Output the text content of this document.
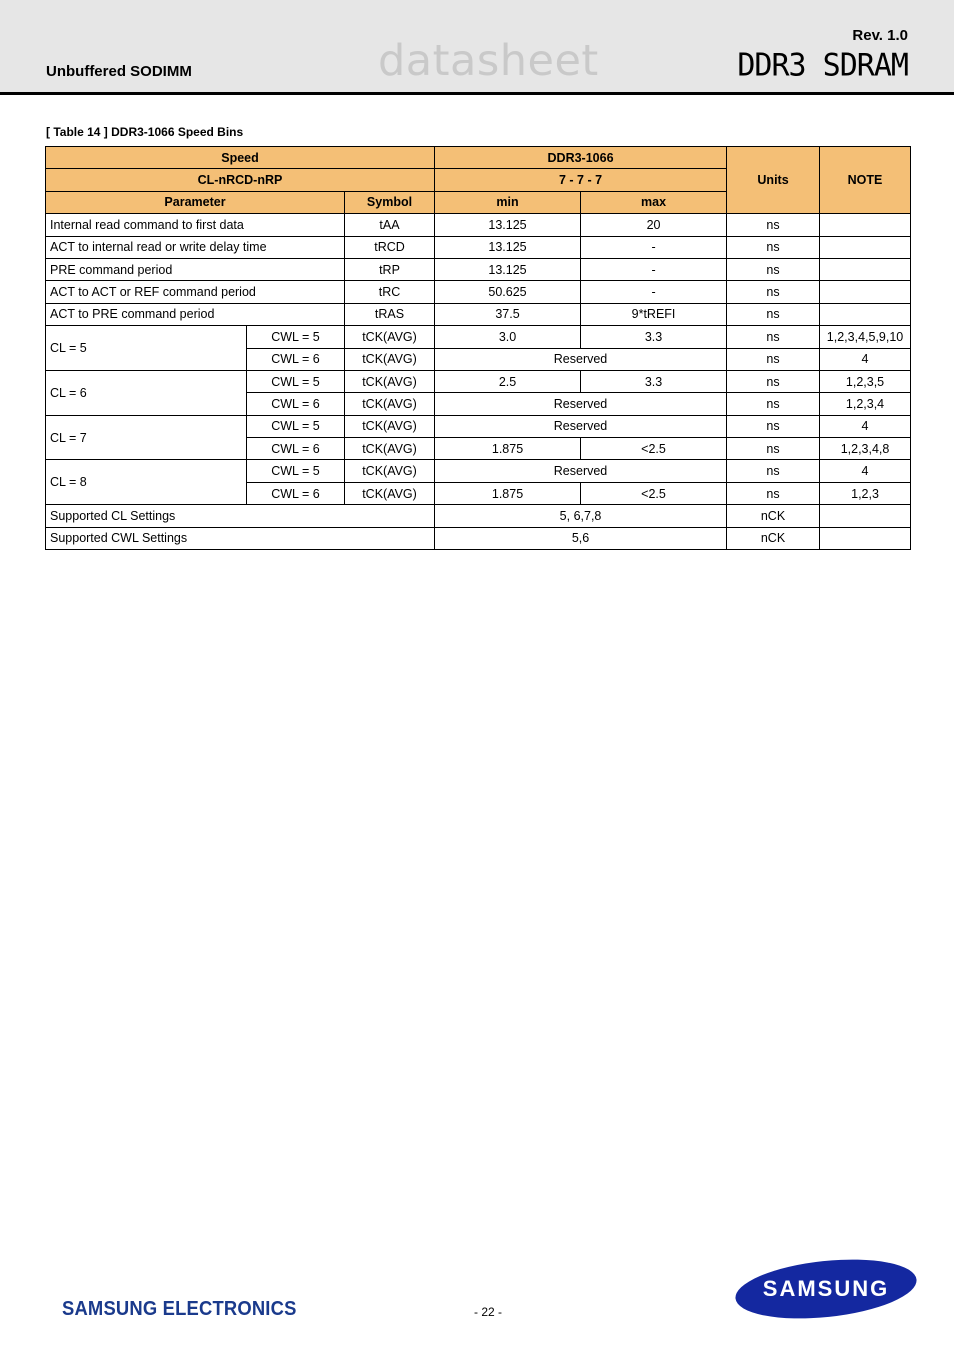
Unbuffered SODIMM	datasheet
Rev. 1.0
DDR3 SDRAM
[ Table 14 ] DDR3-1066 Speed Bins
Speed			DDR3-1066		Units	NOTE
CL-nRCD-nRP			7 - 7 - 7			
Parameter		Symbol	min	max		
Internal read command to first data		tAA	13.125	20	ns	
ACT to internal read or write delay time		tRCD	13.125	-	ns	
PRE command period		tRP	13.125	-	ns	
ACT to ACT or REF command period		tRC	50.625	-	ns	
ACT to PRE command period		tRAS	37.5	9*tREFI	ns	
CL = 5	CWL = 5	tCK(AVG)	3.0	3.3	ns	1,2,3,4,5,9,10
	CWL = 6	tCK(AVG)	Reserved		ns	4
CL = 6	CWL = 5	tCK(AVG)	2.5	3.3	ns	1,2,3,5
	CWL = 6	tCK(AVG)	Reserved		ns	1,2,3,4
CL = 7	CWL = 5	tCK(AVG)	Reserved		ns	4
	CWL = 6	tCK(AVG)	1.875	<2.5	ns	1,2,3,4,8
CL = 8	CWL = 5	tCK(AVG)	Reserved		ns	4
	CWL = 6	tCK(AVG)	1.875	<2.5	ns	1,2,3
Supported CL Settings			5, 6,7,8		nCK	
Supported CWL Settings			5,6		nCK	
SAMSUNG ELECTRONICS	- 22 -
SAMSUNG
